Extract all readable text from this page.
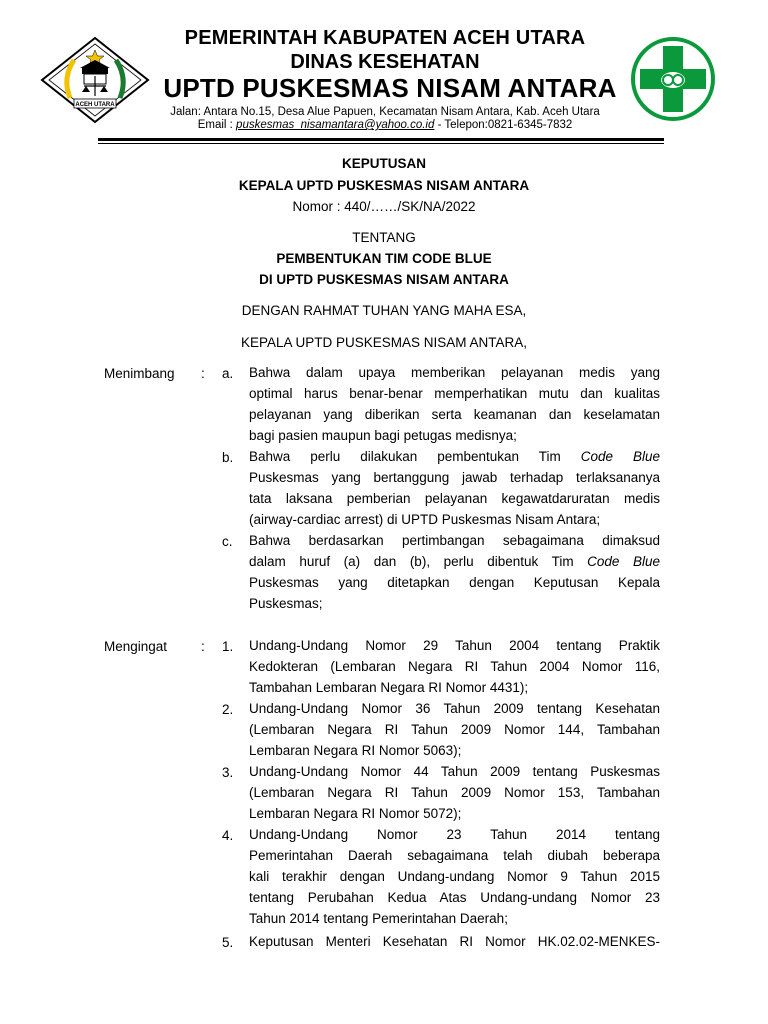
ACEH UTARA
PEMERINTAH KABUPATEN ACEH UTARA
DINAS KESEHATAN
UPTD PUSKESMAS NISAM ANTARA
Jalan: Antara No.15, Desa Alue Papuen, Kecamatan Nisam Antara, Kab. Aceh Utara
Email : puskesmas_nisamantara@yahoo.co.id - Telepon:0821-6345-7832
KEPUTUSAN
KEPALA UPTD PUSKESMAS NISAM ANTARA
Nomor : 440/……/SK/NA/2022
TENTANG
PEMBENTUKAN TIM CODE BLUE
DI UPTD PUSKESMAS NISAM ANTARA
DENGAN RAHMAT TUHAN YANG MAHA ESA,
KEPALA UPTD PUSKESMAS NISAM ANTARA,
Menimbang : a. Bahwa dalam upaya memberikan pelayanan medis yang
optimal harus benar-benar memperhatikan mutu dan kualitas
pelayanan yang diberikan serta keamanan dan keselamatan
bagi pasien maupun bagi petugas medisnya;
b. Bahwa perlu dilakukan pembentukan Tim Code Blue
Puskesmas yang bertanggung jawab terhadap terlaksananya
tata laksana pemberian pelayanan kegawatdaruratan medis
(airway-cardiac arrest) di UPTD Puskesmas Nisam Antara;
c. Bahwa berdasarkan pertimbangan sebagaimana dimaksud
dalam huruf (a) dan (b), perlu dibentuk Tim Code Blue
Puskesmas yang ditetapkan dengan Keputusan Kepala
Puskesmas;
Mengingat	: 1. Undang-Undang Nomor 29 Tahun 2004 tentang Praktik
Kedokteran (Lembaran Negara RI Tahun 2004 Nomor 116,
Tambahan Lembaran Negara RI Nomor 4431);
2. Undang-Undang Nomor 36 Tahun 2009 tentang Kesehatan
(Lembaran Negara RI Tahun 2009 Nomor 144, Tambahan
Lembaran Negara RI Nomor 5063);
3. Undang-Undang Nomor 44 Tahun 2009 tentang Puskesmas
(Lembaran Negara RI Tahun 2009 Nomor 153, Tambahan
Lembaran Negara RI Nomor 5072);
4. Undang-Undang Nomor 23 Tahun 2014 tentang
Pemerintahan Daerah sebagaimana telah diubah beberapa
kali terakhir dengan Undang-undang Nomor 9 Tahun 2015
tentang Perubahan Kedua Atas Undang-undang Nomor 23
Tahun 2014 tentang Pemerintahan Daerah;
5. Keputusan Menteri Kesehatan RI Nomor HK.02.02-MENKES-
